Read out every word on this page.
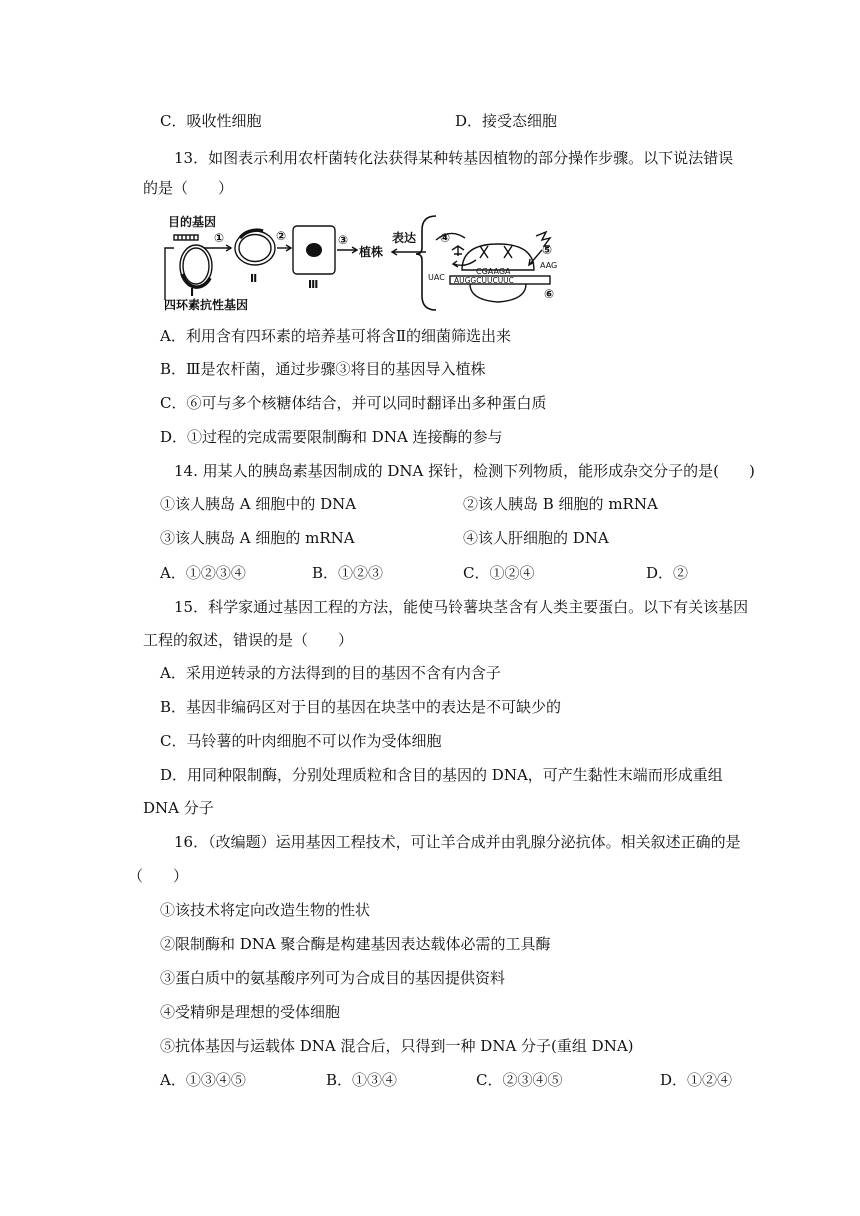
C．吸收性细胞	D．接受态细胞
13．如图表示利用农杆菌转化法获得某种转基因植物的部分操作步骤。以下说法错误
的是（　　）
目的基因
①	②	③
植株
表达 ④
⑤
⑥
Ⅰ
Ⅱ	Ⅲ
四环素抗性基因
UAC
CGAAGA
AUGGCUUCUUC
AAG
A．利用含有四环素的培养基可将含Ⅱ的细菌筛选出来
B．Ⅲ是农杆菌，通过步骤③将目的基因导入植株
C．⑥可与多个核糖体结合，并可以同时翻译出多种蛋白质
D．①过程的完成需要限制酶和 DNA 连接酶的参与
14. 用某人的胰岛素基因制成的 DNA 探针，检测下列物质，能形成杂交分子的是(　　)
①该人胰岛 A 细胞中的 DNA	②该人胰岛 B 细胞的 mRNA
③该人胰岛 A 细胞的 mRNA	④该人肝细胞的 DNA
A．①②③④	B．①②③	C．①②④	D．②
15．科学家通过基因工程的方法，能使马铃薯块茎含有人类主要蛋白。以下有关该基因
工程的叙述，错误的是（　　）
A．采用逆转录的方法得到的目的基因不含有内含子
B．基因非编码区对于目的基因在块茎中的表达是不可缺少的
C．马铃薯的叶肉细胞不可以作为受体细胞
D．用同种限制酶，分别处理质粒和含目的基因的 DNA，可产生黏性末端而形成重组
DNA 分子
16．（改编题）运用基因工程技术，可让羊合成并由乳腺分泌抗体。相关叙述正确的是
（　　）
①该技术将定向改造生物的性状
②限制酶和 DNA 聚合酶是构建基因表达载体必需的工具酶
③蛋白质中的氨基酸序列可为合成目的基因提供资料
④受精卵是理想的受体细胞
⑤抗体基因与运载体 DNA 混合后，只得到一种 DNA 分子(重组 DNA)
A．①③④⑤	B．①③④	C．②③④⑤	D．①②④
